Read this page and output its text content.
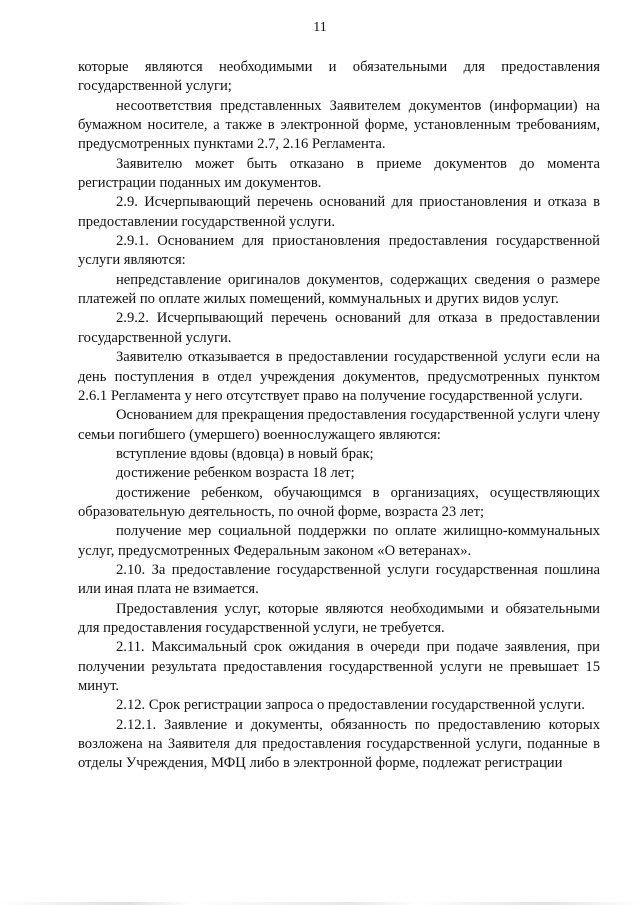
11

которые являются необходимыми и обязательными для предоставления государственной услуги;

несоответствия представленных Заявителем документов (информации) на бумажном носителе, а также в электронной форме, установленным требованиям, предусмотренных пунктами 2.7, 2.16 Регламента.

Заявителю может быть отказано в приеме документов до момента регистрации поданных им документов.

2.9. Исчерпывающий перечень оснований для приостановления и отказа в предоставлении государственной услуги.

2.9.1. Основанием для приостановления предоставления государственной услуги являются:

непредставление оригиналов документов, содержащих сведения о размере платежей по оплате жилых помещений, коммунальных и других видов услуг.

2.9.2. Исчерпывающий перечень оснований для отказа в предоставлении государственной услуги.

Заявителю отказывается в предоставлении государственной услуги если на день поступления в отдел учреждения документов, предусмотренных пунктом 2.6.1 Регламента у него отсутствует право на получение государственной услуги.

Основанием для прекращения предоставления государственной услуги члену семьи погибшего (умершего) военнослужащего являются:

вступление вдовы (вдовца) в новый брак;

достижение ребенком возраста 18 лет;

достижение ребенком, обучающимся в организациях, осуществляющих образовательную деятельность, по очной форме, возраста 23 лет;

получение мер социальной поддержки по оплате жилищно-коммунальных услуг, предусмотренных Федеральным законом «О ветеранах».

2.10. За предоставление государственной услуги государственная пошлина или иная плата не взимается.

Предоставления услуг, которые являются необходимыми и обязательными для предоставления государственной услуги, не требуется.

2.11. Максимальный срок ожидания в очереди при подаче заявления, при получении результата предоставления государственной услуги не превышает 15 минут.

2.12. Срок регистрации запроса о предоставлении государственной услуги.

2.12.1. Заявление и документы, обязанность по предоставлению которых возложена на Заявителя для предоставления государственной услуги, поданные в отделы Учреждения, МФЦ либо в электронной форме, подлежат регистрации
